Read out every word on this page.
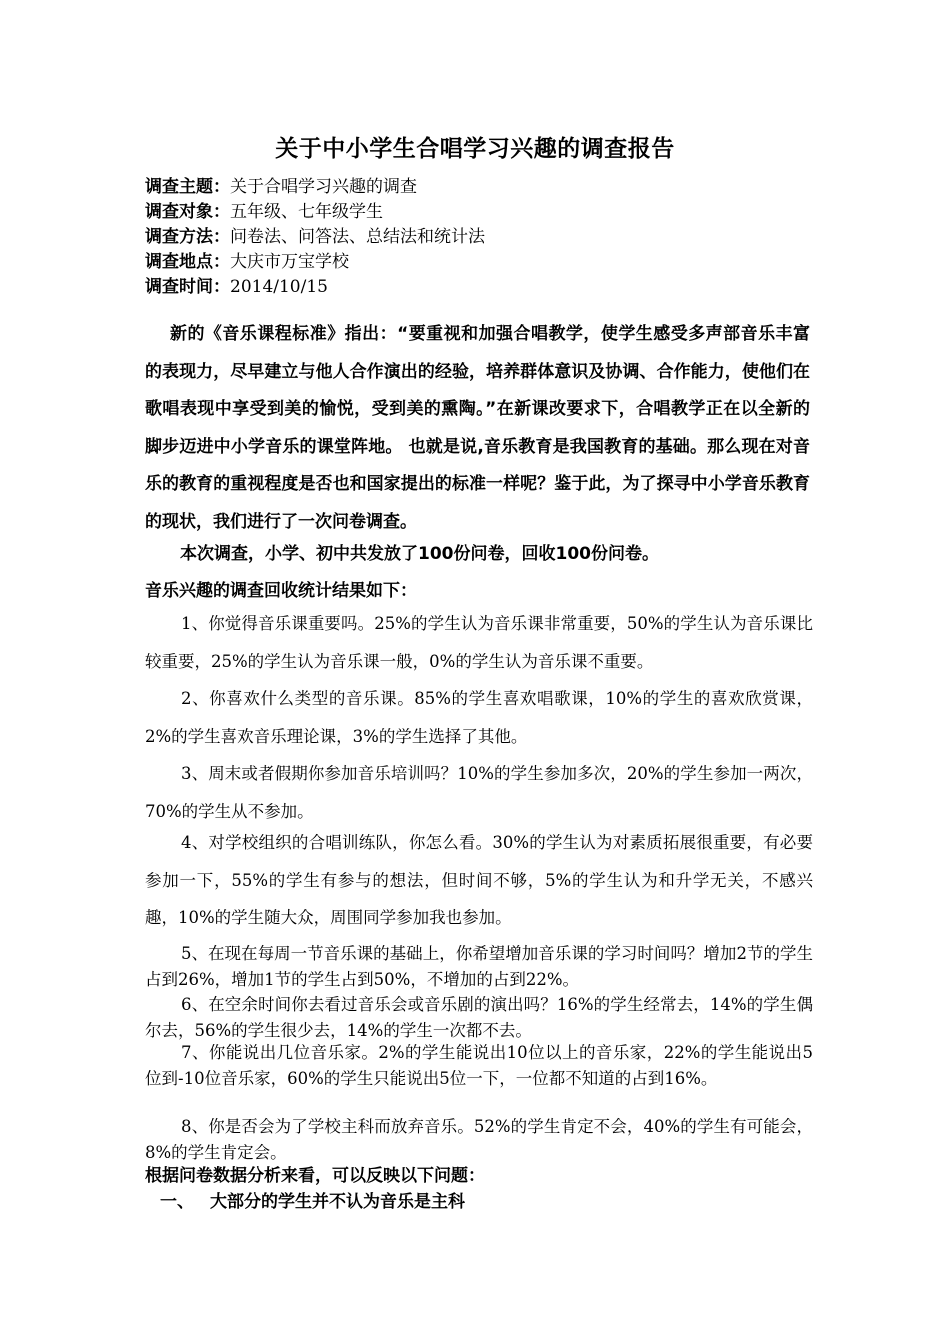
关于中小学生合唱学习兴趣的调查报告
调查主题：关于合唱学习兴趣的调查
调查对象：五年级、七年级学生
调查方法：问卷法、问答法、总结法和统计法
调查地点：大庆市万宝学校
调查时间：2014/10/15

新的《音乐课程标准》指出：“要重视和加强合唱教学，使学生感受多声部音乐丰富的表现力，尽早建立与他人合作演出的经验，培养群体意识及协调、合作能力，使他们在歌唱表现中享受到美的愉悦，受到美的熏陶。”在新课改要求下，合唱教学正在以全新的脚步迈进中小学音乐的课堂阵地。 也就是说,音乐教育是我国教育的基础。那么现在对音乐的教育的重视程度是否也和国家提出的标准一样呢？鉴于此，为了探寻中小学音乐教育的现状，我们进行了一次问卷调查。

本次调查，小学、初中共发放了100份问卷，回收100份问卷。
音乐兴趣的调查回收统计结果如下：

1、你觉得音乐课重要吗。25%的学生认为音乐课非常重要，50%的学生认为音乐课比较重要，25%的学生认为音乐课一般，0%的学生认为音乐课不重要。

2、你喜欢什么类型的音乐课。85%的学生喜欢唱歌课，10%的学生的喜欢欣赏课，2%的学生喜欢音乐理论课，3%的学生选择了其他。

3、周末或者假期你参加音乐培训吗？10%的学生参加多次，20%的学生参加一两次，70%的学生从不参加。

4、对学校组织的合唱训练队，你怎么看。30%的学生认为对素质拓展很重要，有必要参加一下，55%的学生有参与的想法，但时间不够，5%的学生认为和升学无关，不感兴趣，10%的学生随大众，周围同学参加我也参加。

5、在现在每周一节音乐课的基础上，你希望增加音乐课的学习时间吗？增加2节的学生占到26%，增加1节的学生占到50%，不增加的占到22%。

6、在空余时间你去看过音乐会或音乐剧的演出吗？16%的学生经常去，14%的学生偶尔去，56%的学生很少去，14%的学生一次都不去。

7、你能说出几位音乐家。2%的学生能说出10位以上的音乐家，22%的学生能说出5位到-10位音乐家，60%的学生只能说出5位一下，一位都不知道的占到16%。

8、你是否会为了学校主科而放弃音乐。52%的学生肯定不会，40%的学生有可能会，8%的学生肯定会。

根据问卷数据分析来看，可以反映以下问题：
一、 大部分的学生并不认为音乐是主科
